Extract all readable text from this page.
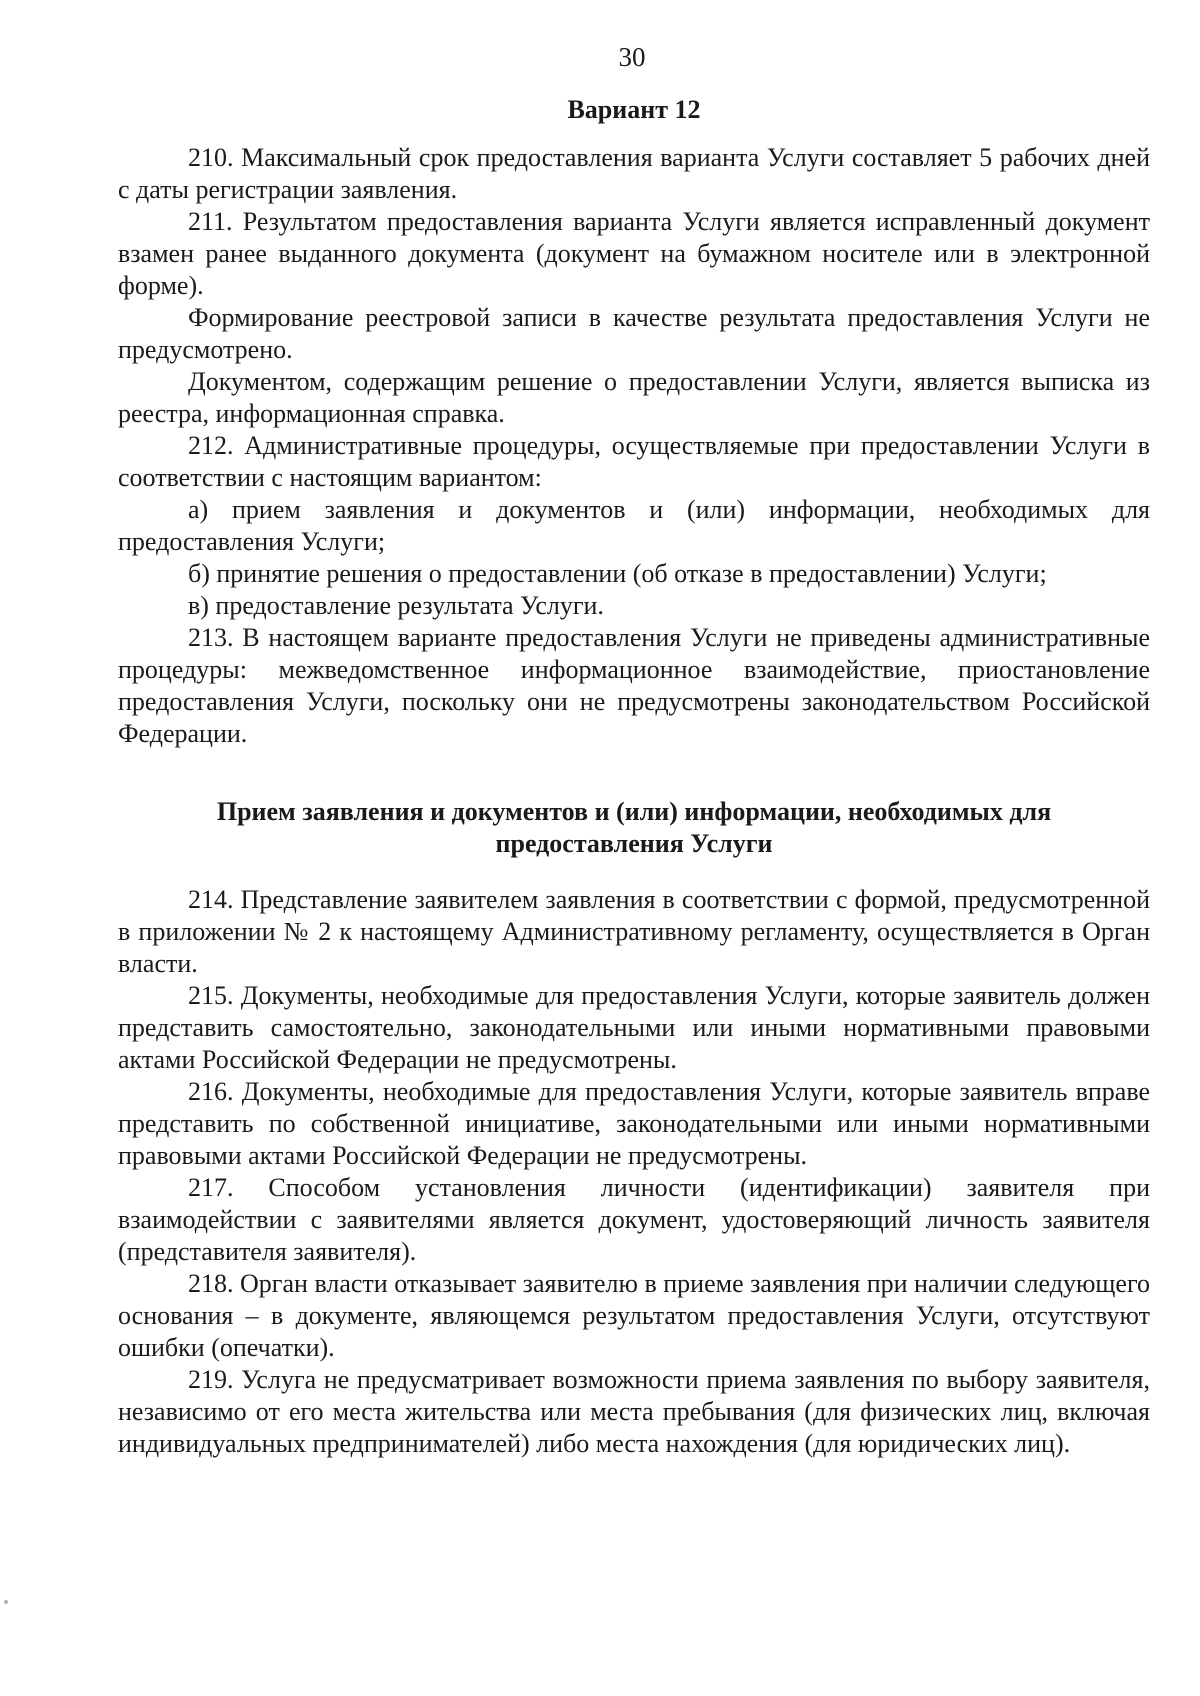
30
Вариант 12

210. Максимальный срок предоставления варианта Услуги составляет 5 рабочих дней с даты регистрации заявления.

211. Результатом предоставления варианта Услуги является исправленный документ взамен ранее выданного документа (документ на бумажном носителе или в электронной форме).

Формирование реестровой записи в качестве результата предоставления Услуги не предусмотрено.

Документом, содержащим решение о предоставлении Услуги, является выписка из реестра, информационная справка.

212. Административные процедуры, осуществляемые при предоставлении Услуги в соответствии с настоящим вариантом:

а) прием заявления и документов и (или) информации, необходимых для предоставления Услуги;

б) принятие решения о предоставлении (об отказе в предоставлении) Услуги;

в) предоставление результата Услуги.

213. В настоящем варианте предоставления Услуги не приведены административные процедуры: межведомственное информационное взаимодействие, приостановление предоставления Услуги, поскольку они не предусмотрены законодательством Российской Федерации.

Прием заявления и документов и (или) информации, необходимых для предоставления Услуги

214. Представление заявителем заявления в соответствии с формой, предусмотренной в приложении № 2 к настоящему Административному регламенту, осуществляется в Орган власти.

215. Документы, необходимые для предоставления Услуги, которые заявитель должен представить самостоятельно, законодательными или иными нормативными правовыми актами Российской Федерации не предусмотрены.

216. Документы, необходимые для предоставления Услуги, которые заявитель вправе представить по собственной инициативе, законодательными или иными нормативными правовыми актами Российской Федерации не предусмотрены.

217. Способом установления личности (идентификации) заявителя при взаимодействии с заявителями является документ, удостоверяющий личность заявителя (представителя заявителя).

218. Орган власти отказывает заявителю в приеме заявления при наличии следующего основания – в документе, являющемся результатом предоставления Услуги, отсутствуют ошибки (опечатки).

219. Услуга не предусматривает возможности приема заявления по выбору заявителя, независимо от его места жительства или места пребывания (для физических лиц, включая индивидуальных предпринимателей) либо места нахождения (для юридических лиц).
